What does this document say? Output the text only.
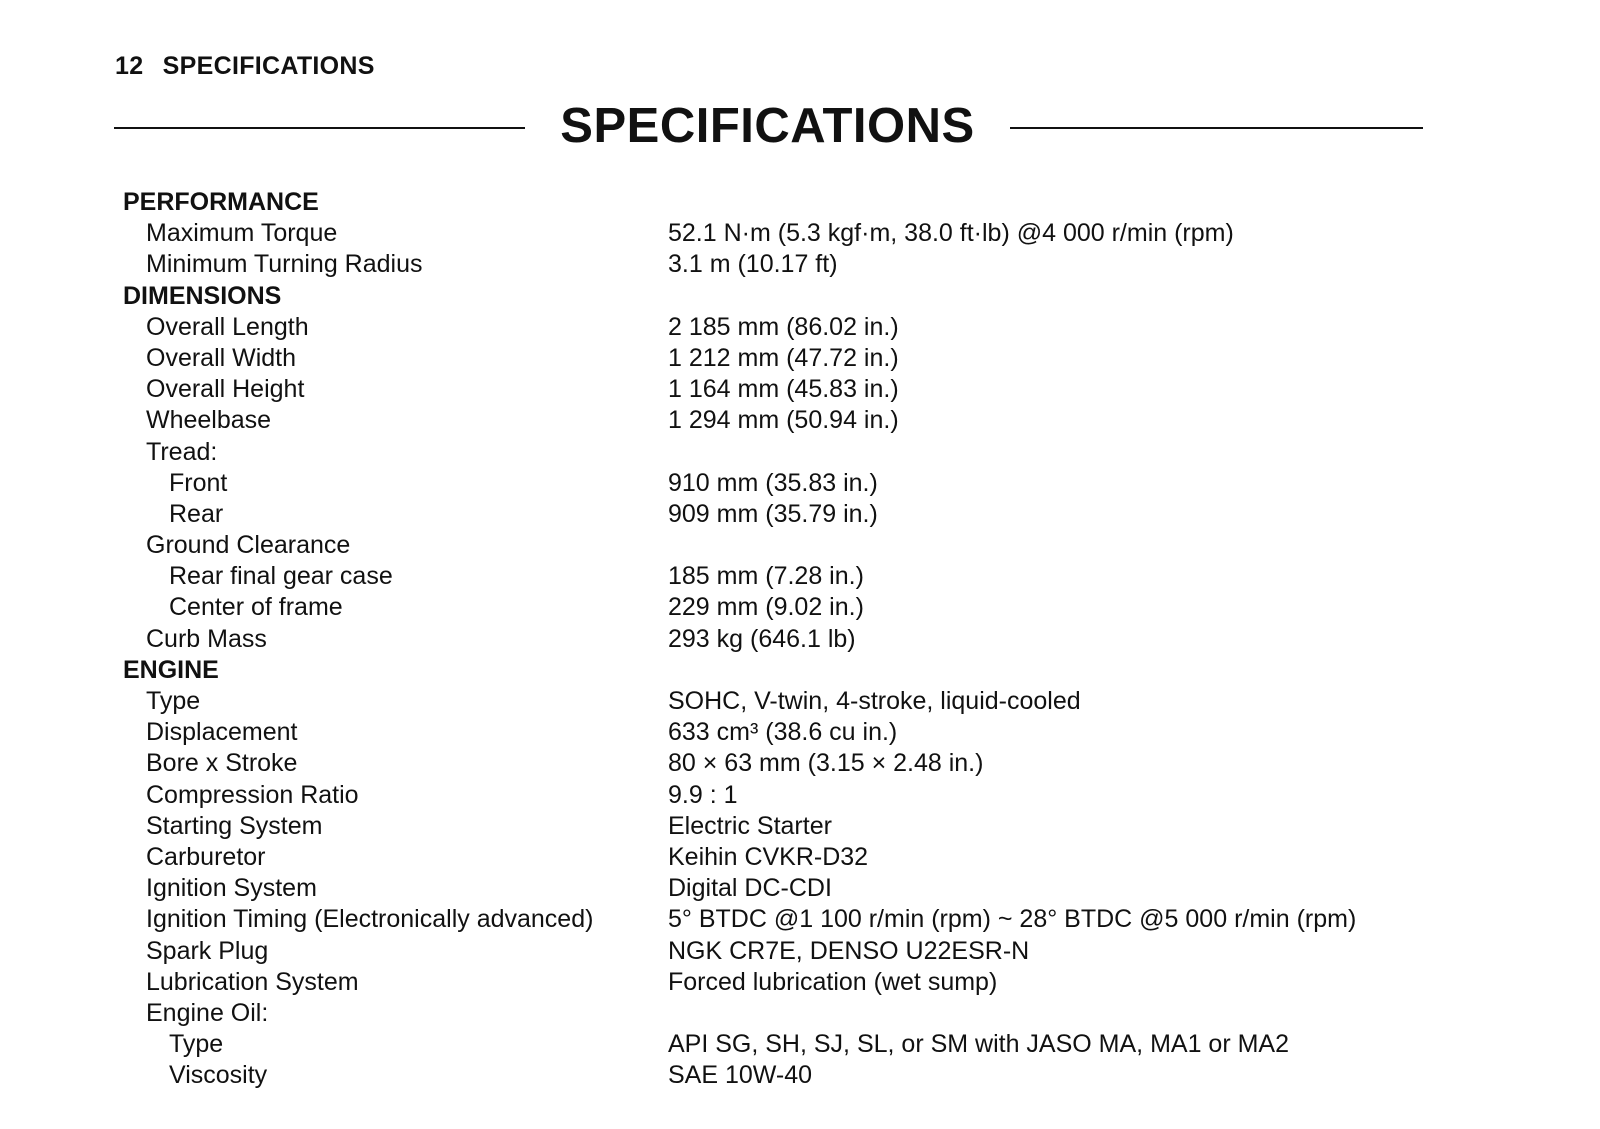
12 SPECIFICATIONS
SPECIFICATIONS
PERFORMANCE
Maximum Torque	52.1 N·m (5.3 kgf·m, 38.0 ft·lb) @4 000 r/min (rpm)
Minimum Turning Radius	3.1 m (10.17 ft)
DIMENSIONS
Overall Length	2 185 mm (86.02 in.)
Overall Width	1 212 mm (47.72 in.)
Overall Height	1 164 mm (45.83 in.)
Wheelbase	1 294 mm (50.94 in.)
Tread:
Front	910 mm (35.83 in.)
Rear	909 mm (35.79 in.)
Ground Clearance
Rear final gear case	185 mm (7.28 in.)
Center of frame	229 mm (9.02 in.)
Curb Mass	293 kg (646.1 lb)
ENGINE
Type	SOHC, V-twin, 4-stroke, liquid-cooled
Displacement	633 cm³ (38.6 cu in.)
Bore x Stroke	80 × 63 mm (3.15 × 2.48 in.)
Compression Ratio	9.9 : 1
Starting System	Electric Starter
Carburetor	Keihin CVKR-D32
Ignition System	Digital DC-CDI
Ignition Timing (Electronically advanced)	5° BTDC @1 100 r/min (rpm) ~ 28° BTDC @5 000 r/min (rpm)
Spark Plug	NGK CR7E, DENSO U22ESR-N
Lubrication System	Forced lubrication (wet sump)
Engine Oil:
Type	API SG, SH, SJ, SL, or SM with JASO MA, MA1 or MA2
Viscosity	SAE 10W-40
